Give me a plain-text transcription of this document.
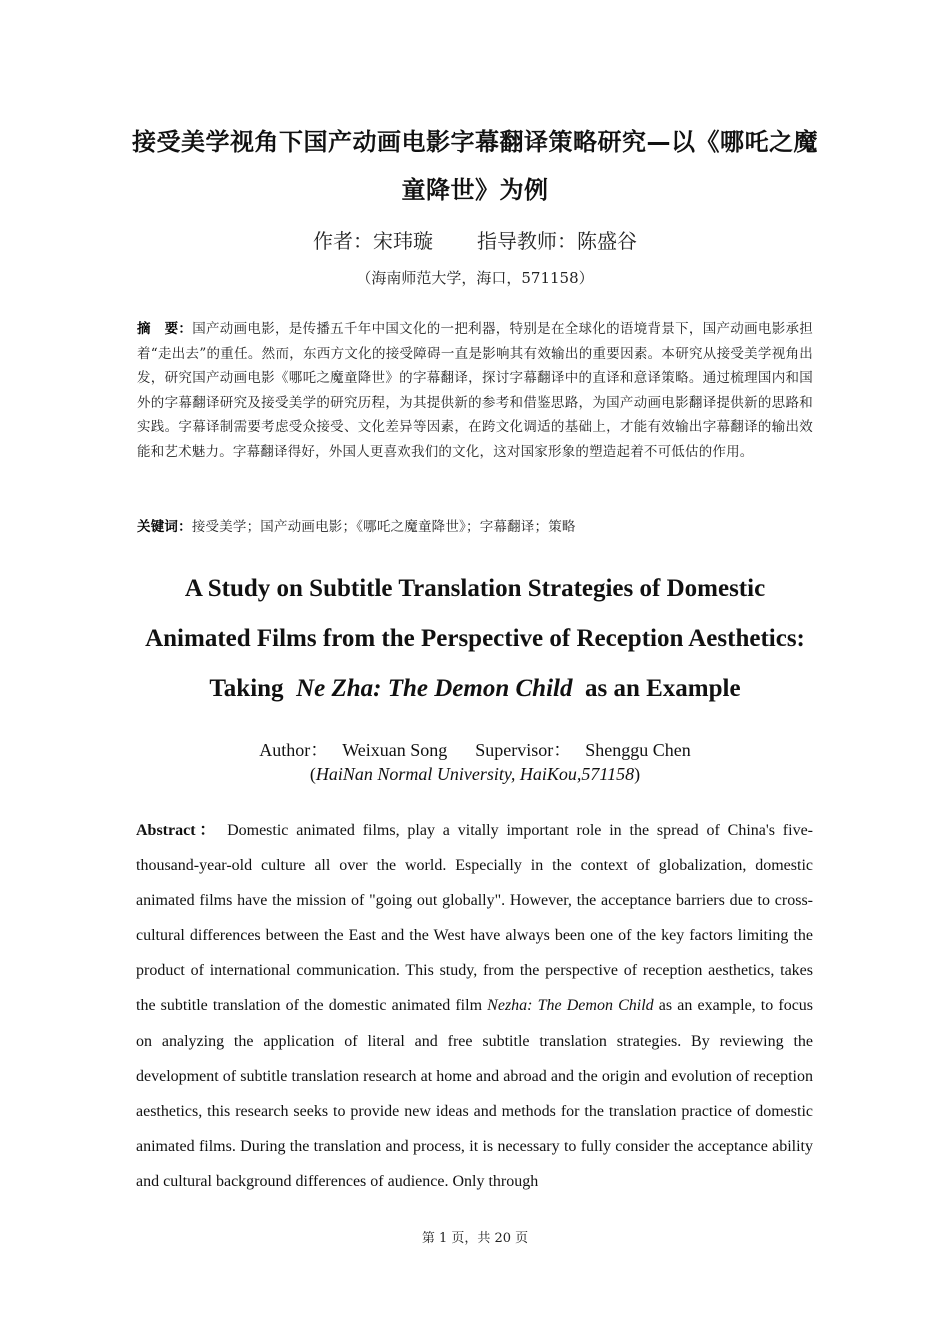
接受美学视角下国产动画电影字幕翻译策略研究—以《哪吒之魔童降世》为例
作者：宋玮璇 指导教师：陈盛谷
（海南师范大学，海口，571158）
摘　要：国产动画电影，是传播五千年中国文化的一把利器，特别是在全球化的语境背景下，国产动画电影承担着“走出去”的重任。然而，东西方文化的接受障碍一直是影响其有效输出的重要因素。本研究从接受美学视角出发，研究国产动画电影《哪吒之魔童降世》的字幕翻译，探讨字幕翻译中的直译和意译策略。通过梳理国内和国外的字幕翻译研究及接受美学的研究历程，为其提供新的参考和借鉴思路，为国产动画电影翻译提供新的思路和实践。字幕译制需要考虑受众接受、文化差异等因素，在跨文化调适的基础上，才能有效输出字幕翻译的输出效能和艺术魅力。字幕翻译得好，外国人更喜欢我们的文化，这对国家形象的塑造起着不可低估的作用。
关键词：接受美学；国产动画电影；《哪吒之魔童降世》；字幕翻译；策略
A Study on Subtitle Translation Strategies of Domestic
Animated Films from the Perspective of Reception Aesthetics:
Taking Ne Zha: The Demon Child as an Example
Author： Weixuan Song Supervisor： Shenggu Chen
(HaiNan Normal University, HaiKou,571158)
Abstract： Domestic animated films, play a vitally important role in the spread of China's five-thousand-year-old culture all over the world. Especially in the context of globalization, domestic animated films have the mission of "going out globally". However, the acceptance barriers due to cross-cultural differences between the East and the West have always been one of the key factors limiting the product of international communication. This study, from the perspective of reception aesthetics, takes the subtitle translation of the domestic animated film Nezha: The Demon Child as an example, to focus on analyzing the application of literal and free subtitle translation strategies. By reviewing the development of subtitle translation research at home and abroad and the origin and evolution of reception aesthetics, this research seeks to provide new ideas and methods for the translation practice of domestic animated films. During the translation and process, it is necessary to fully consider the acceptance ability and cultural background differences of audience. Only through
第 1 页，共 20 页
